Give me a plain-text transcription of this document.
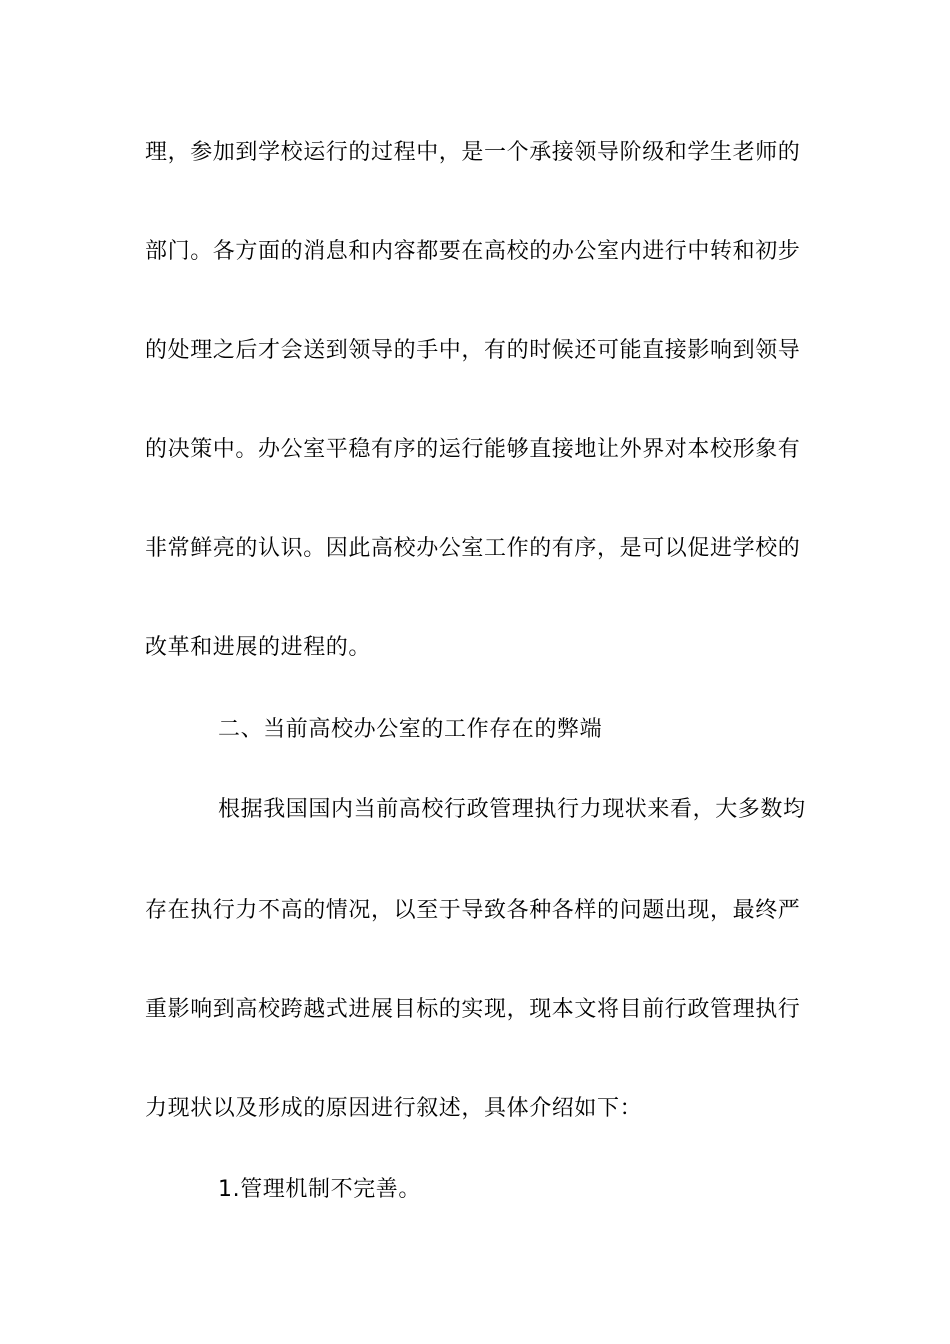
理，参加到学校运行的过程中，是一个承接领导阶级和学生老师的
部门。各方面的消息和内容都要在高校的办公室内进行中转和初步
的处理之后才会送到领导的手中，有的时候还可能直接影响到领导
的决策中。办公室平稳有序的运行能够直接地让外界对本校形象有
非常鲜亮的认识。因此高校办公室工作的有序，是可以促进学校的
改革和进展的进程的。
二、当前高校办公室的工作存在的弊端
根据我国国内当前高校行政管理执行力现状来看，大多数均
存在执行力不高的情况，以至于导致各种各样的问题出现，最终严
重影响到高校跨越式进展目标的实现，现本文将目前行政管理执行
力现状以及形成的原因进行叙述，具体介绍如下：
1.管理机制不完善。
